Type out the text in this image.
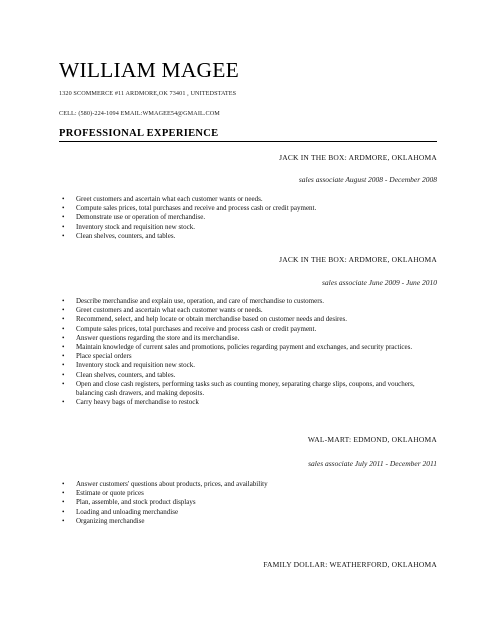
WILLIAM MAGEE
1320 SCOMMERCE #11 ARDMORE,OK 73401 , UNITEDSTATES
CELL: (580)-224-1094 EMAIL:WMAGEE54@GMAIL.COM
PROFESSIONAL EXPERIENCE
JACK IN THE BOX: ARDMORE, OKLAHOMA
sales associate August 2008 - December 2008
• Greet customers and ascertain what each customer wants or needs.
• Compute sales prices, total purchases and receive and process cash or credit payment.
• Demonstrate use or operation of merchandise.
• Inventory stock and requisition new stock.
• Clean shelves, counters, and tables.
JACK IN THE BOX: ARDMORE, OKLAHOMA
sales associate June 2009 - June 2010
• Describe merchandise and explain use, operation, and care of merchandise to customers.
• Greet customers and ascertain what each customer wants or needs.
• Recommend, select, and help locate or obtain merchandise based on customer needs and desires.
• Compute sales prices, total purchases and receive and process cash or credit payment.
• Answer questions regarding the store and its merchandise.
• Maintain knowledge of current sales and promotions, policies regarding payment and exchanges, and security practices.
• Place special orders
• Inventory stock and requisition new stock.
• Clean shelves, counters, and tables.
• Open and close cash registers, performing tasks such as counting money, separating charge slips, coupons, and vouchers, balancing cash drawers, and making deposits.
• Carry heavy bags of merchandise to restock
WAL-MART: EDMOND, OKLAHOMA
sales associate July 2011 - December 2011
• Answer customers' questions about products, prices, and availability
• Estimate or quote prices
• Plan, assemble, and stock product displays
• Loading and unloading merchandise
• Organizing merchandise
FAMILY DOLLAR: WEATHERFORD, OKLAHOMA
